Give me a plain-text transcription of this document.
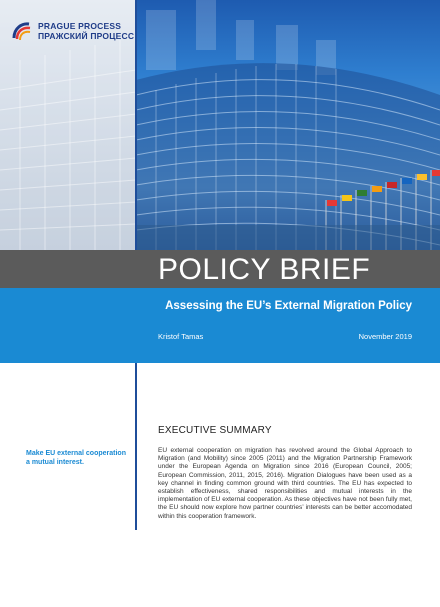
PRAGUE PROCESS
ПРАЖСКИЙ ПРОЦЕСС
POLICY BRIEF
Assessing the EU’s External Migration Policy
Kristof Tamas	November 2019
Make EU external cooperation a mutual interest.
EXECUTIVE SUMMARY
EU external cooperation on migration has revolved around the Global Approach to Migration (and Mobility) since 2005 (2011) and the Migration Partnership Framework under the European Agenda on Migration since 2016 (European Council, 2005; European Commission, 2011, 2015, 2016). Migration Dialogues have been used as a key channel in finding common ground with third countries. The EU has expected to establish effectiveness, shared responsibilities and mutual interests in the implementation of EU external cooperation. As these objectives have not been fully met, the EU should now explore how partner countries’ interests can be better accomodated within this cooperation framework.
